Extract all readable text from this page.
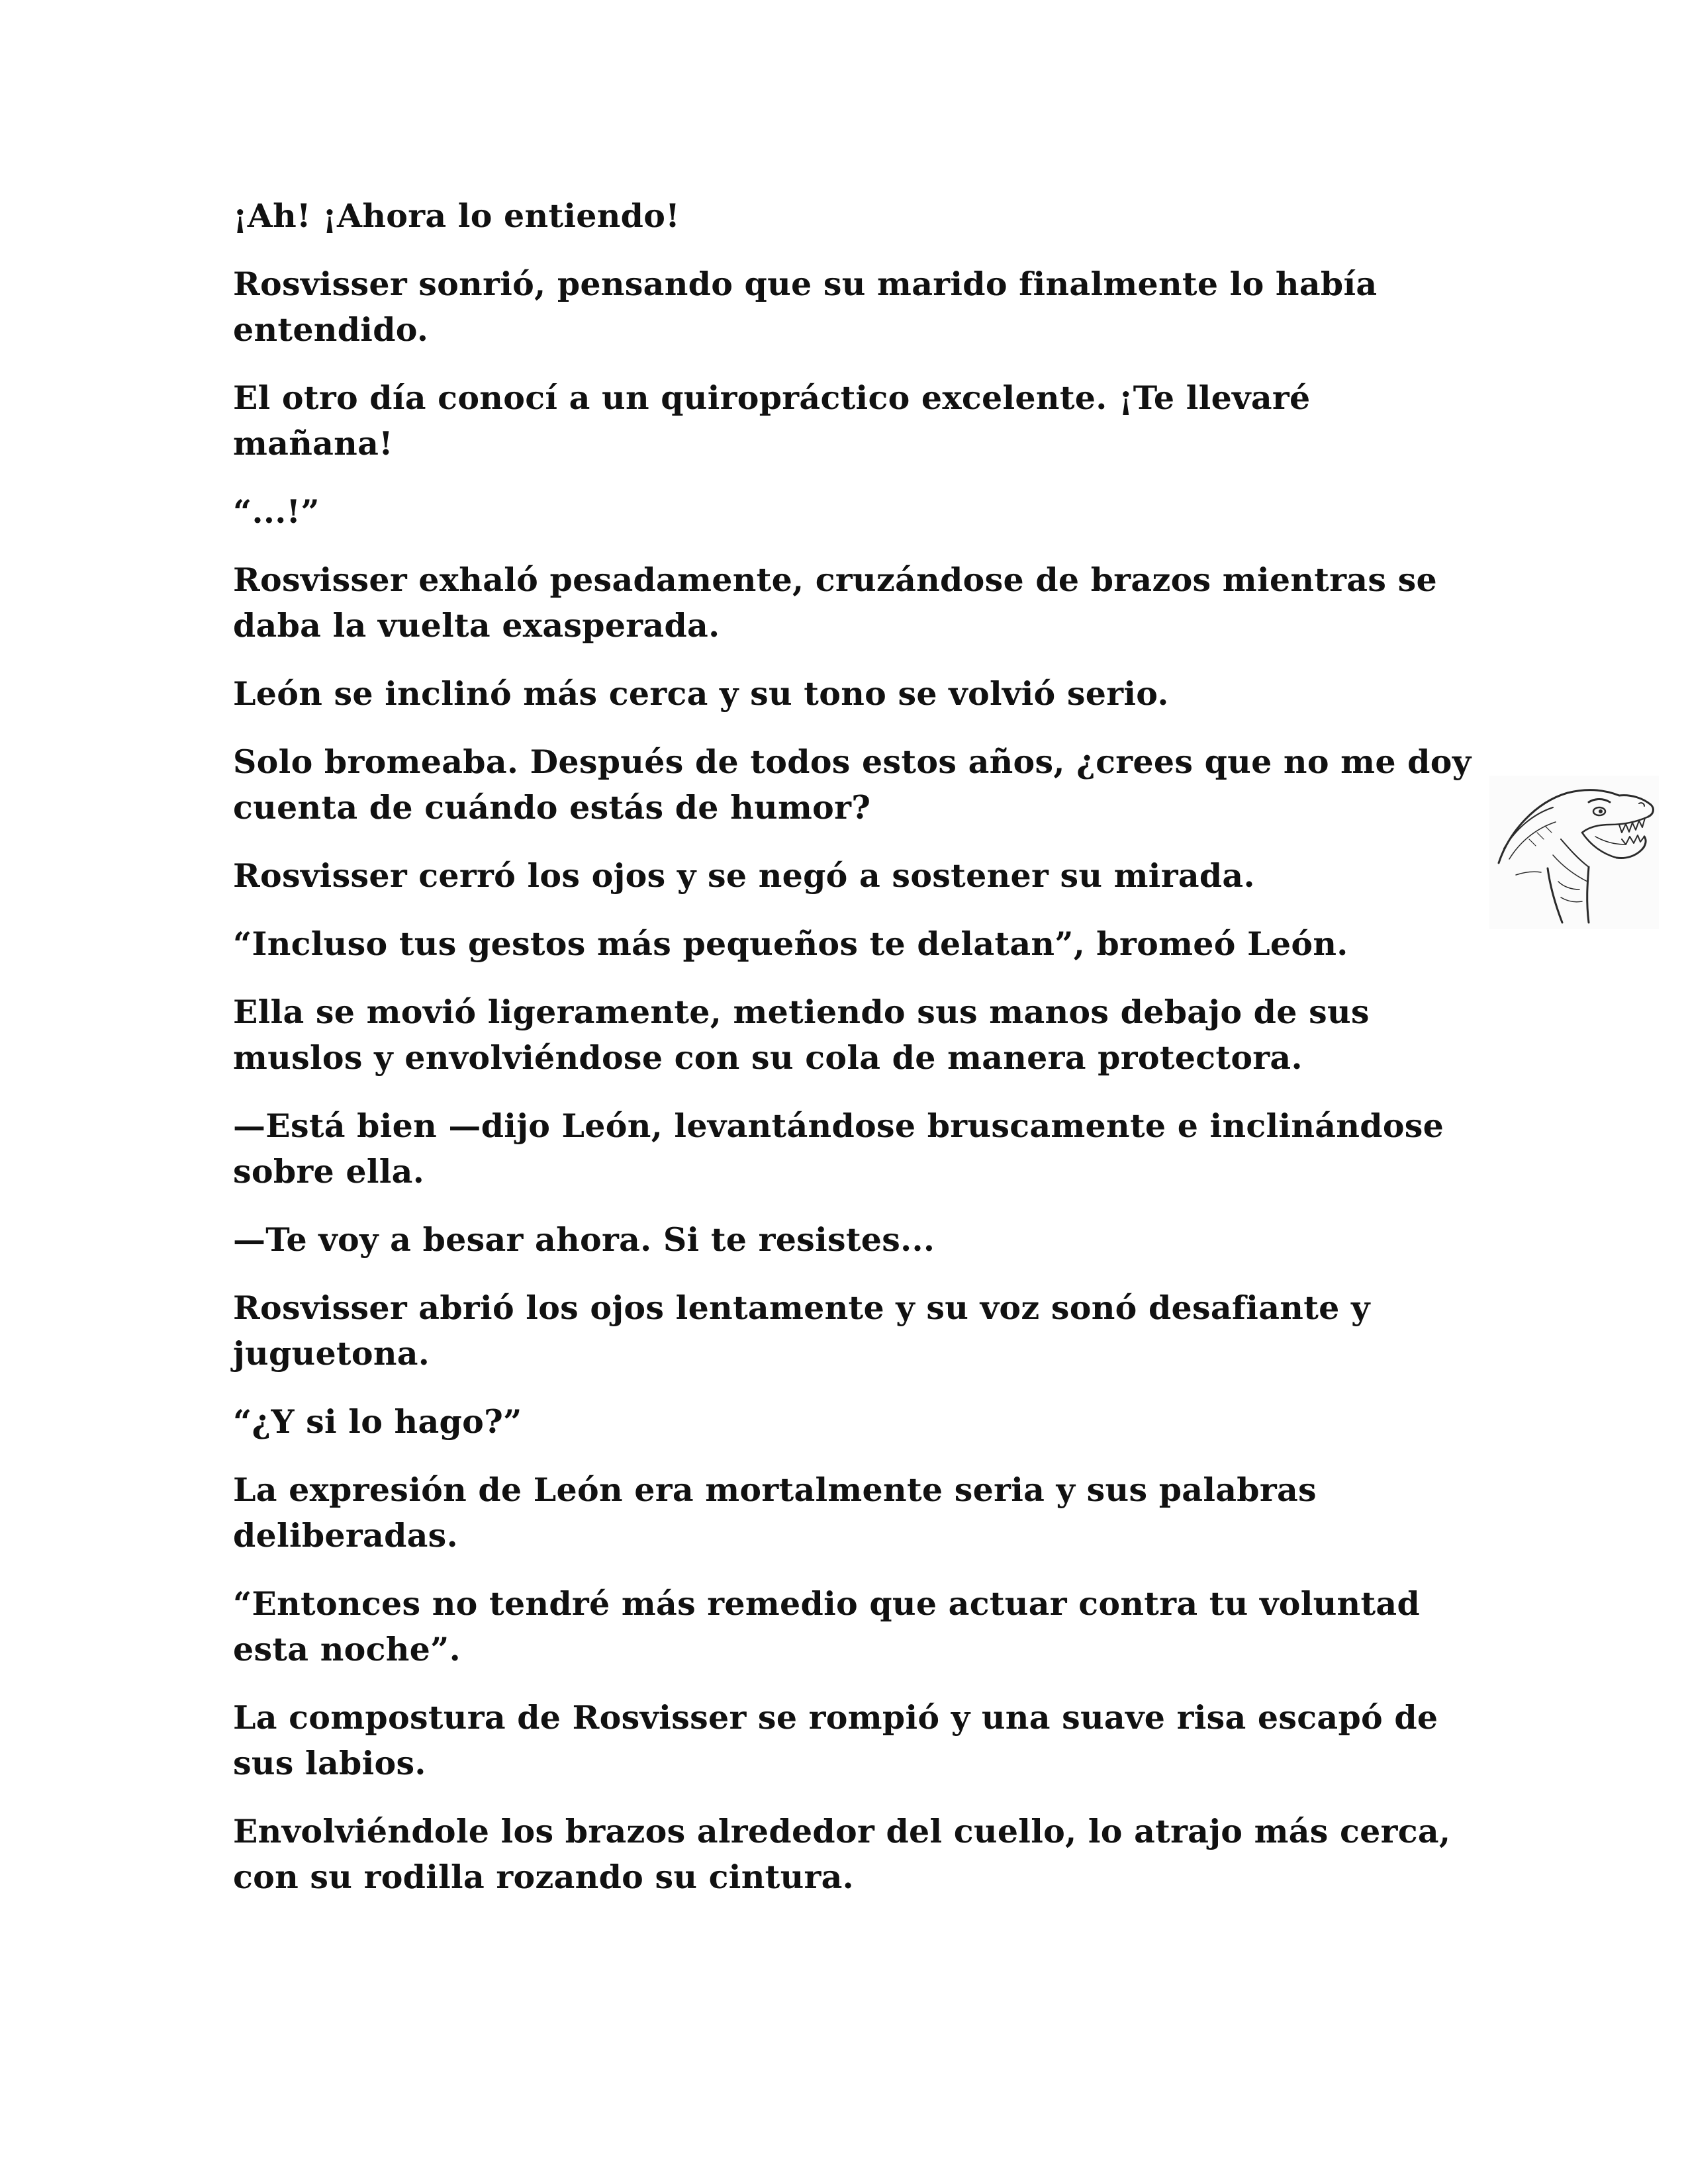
¡Ah! ¡Ahora lo entiendo!

Rosvisser sonrió, pensando que su marido finalmente lo había entendido.

El otro día conocí a un quiropráctico excelente. ¡Te llevaré mañana!

“...!”

Rosvisser exhaló pesadamente, cruzándose de brazos mientras se daba la vuelta exasperada.

León se inclinó más cerca y su tono se volvió serio.

Solo bromeaba. Después de todos estos años, ¿crees que no me doy cuenta de cuándo estás de humor?

Rosvisser cerró los ojos y se negó a sostener su mirada.

“Incluso tus gestos más pequeños te delatan”, bromeó León.

Ella se movió ligeramente, metiendo sus manos debajo de sus muslos y envolviéndose con su cola de manera protectora.

—Está bien —dijo León, levantándose bruscamente e inclinándose sobre ella.

—Te voy a besar ahora. Si te resistes...

Rosvisser abrió los ojos lentamente y su voz sonó desafiante y juguetona.

“¿Y si lo hago?”

La expresión de León era mortalmente seria y sus palabras deliberadas.

“Entonces no tendré más remedio que actuar contra tu voluntad esta noche”.

La compostura de Rosvisser se rompió y una suave risa escapó de sus labios.

Envolviéndole los brazos alrededor del cuello, lo atrajo más cerca, con su rodilla rozando su cintura.
